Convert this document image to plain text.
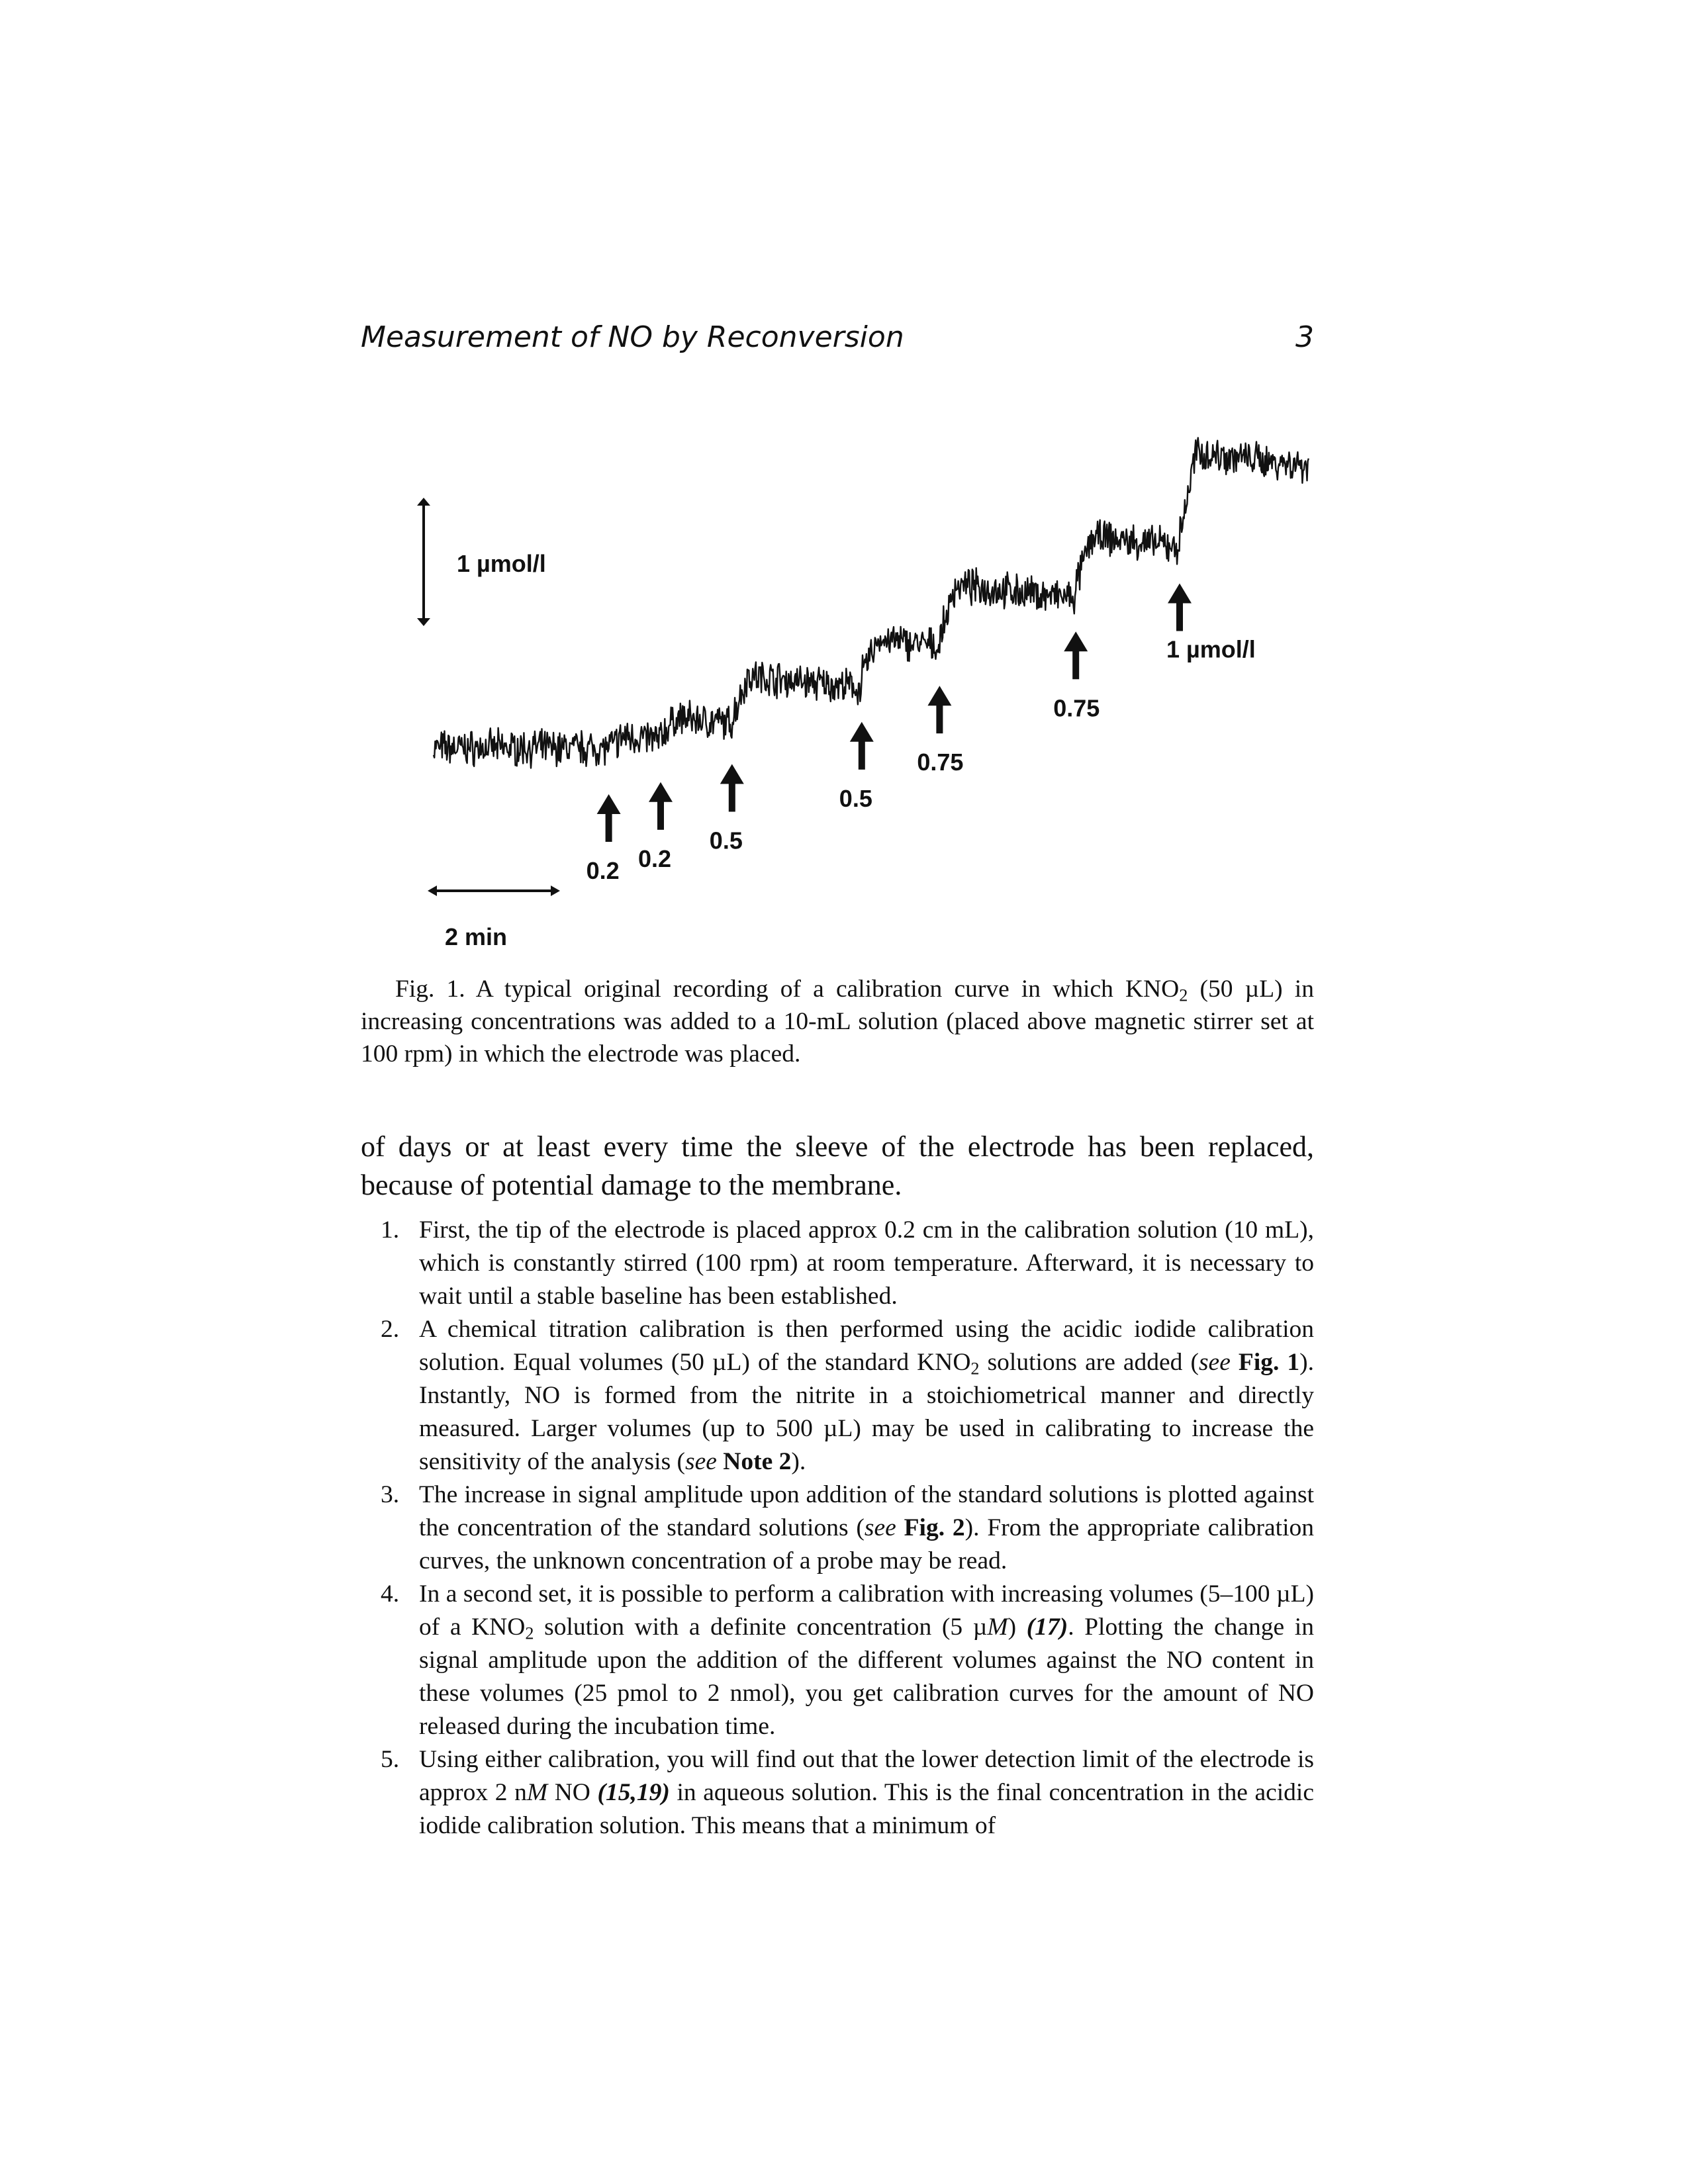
Measurement of NO by Reconversion	3
1 µmol/l
2 min
0.2 0.2
0.5
0.5
0.75
0.75
1 µmol/l
Fig. 1. A typical original recording of a calibration curve in which $KNO_2$ (50 µL) in increasing concentrations was added to a 10-mL solution (placed above magnetic stirrer set at 100 rpm) in which the electrode was placed.
of days or at least every time the sleeve of the electrode has been replaced, because of potential damage to the membrane.
1. First, the tip of the electrode is placed approx 0.2 cm in the calibration solution (10 mL), which is constantly stirred (100 rpm) at room temperature. Afterward, it is necessary to wait until a stable baseline has been established.
2. A chemical titration calibration is then performed using the acidic iodide calibration solution. Equal volumes (50 µL) of the standard $KNO_2$ solutions are added (see Fig. 1). Instantly, NO is formed from the nitrite in a stoichiometrical manner and directly measured. Larger volumes (up to 500 µL) may be used in calibrating to increase the sensitivity of the analysis (see Note 2).
3. The increase in signal amplitude upon addition of the standard solutions is plotted against the concentration of the standard solutions (see Fig. 2). From the appropriate calibration curves, the unknown concentration of a probe may be read.
4. In a second set, it is possible to perform a calibration with increasing volumes (5–100 µL) of a $KNO_2$ solution with a definite concentration (5 µM) (17). Plotting the change in signal amplitude upon the addition of the different volumes against the NO content in these volumes (25 pmol to 2 nmol), you get calibration curves for the amount of NO released during the incubation time.
5. Using either calibration, you will find out that the lower detection limit of the electrode is approx 2 nM NO (15,19) in aqueous solution. This is the final concentration in the acidic iodide calibration solution. This means that a minimum of
